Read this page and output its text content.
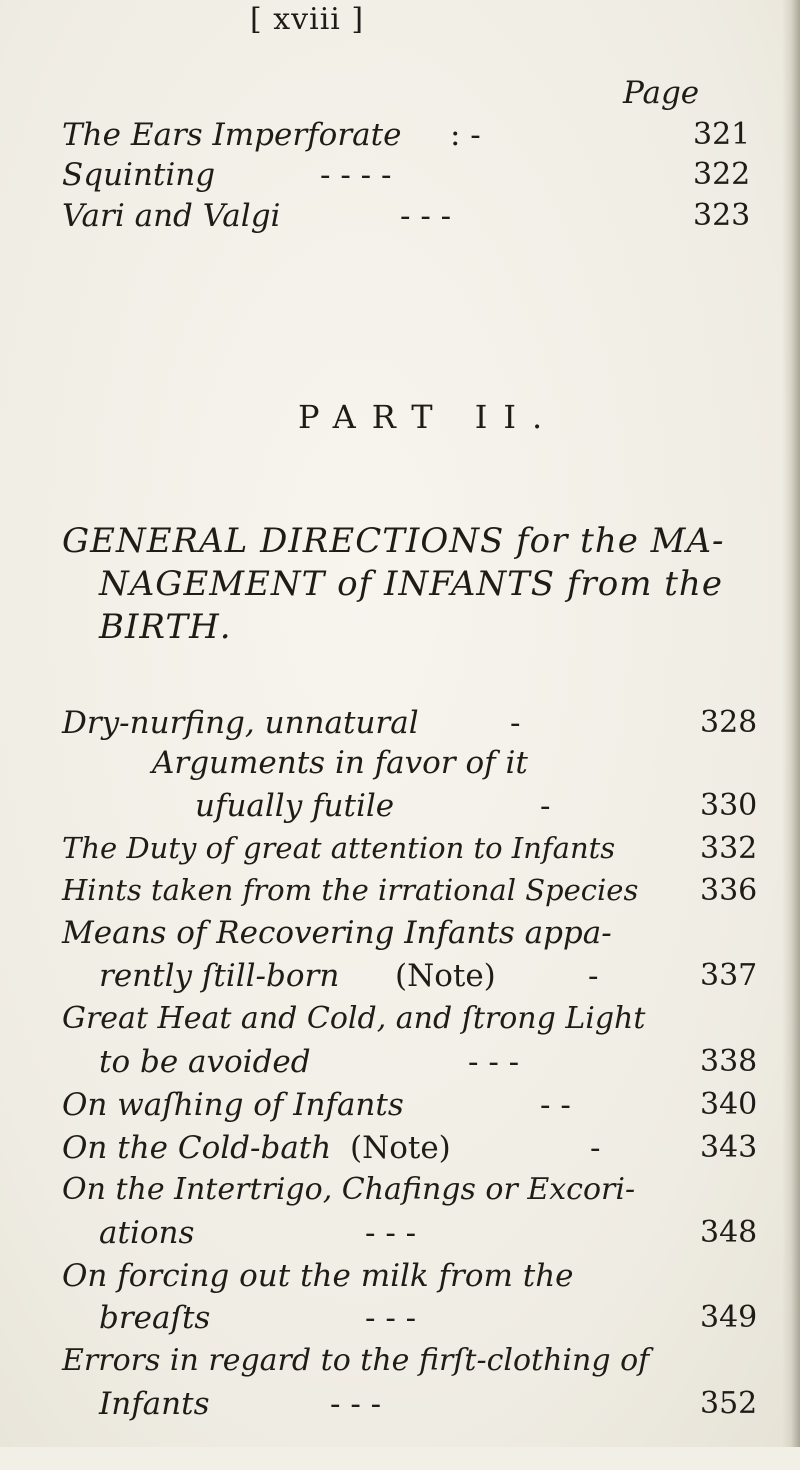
[ xviii ]
Page
The Ears Imperforate : -	321
Squinting	- - - -	322
Vari and Valgi	- - -	323
PART II.
GENERAL DIRECTIONS for the MA-
NAGEMENT of INFANTS from the
BIRTH.
Dry-nurfing, unnatural	-	328
Arguments in favor of it
ufually futile	-	330
The Duty of great attention to Infants	332
Hints taken from the irrational Species 336
Means of Recovering Infants appa-
rently ſtill-born (Note)	-	337
Great Heat and Cold, and ſtrong Light
to be avoided	- - -	338
On waſhing of Infants	- -	340
On the Cold-bath (Note)	-	343
On the Intertrigo, Chafings or Excori-
ations	- - -	348
On forcing out the milk from the
breaſts	- - -	349
Errors in regard to the firſt-clothing of
Infants	- - -	352
